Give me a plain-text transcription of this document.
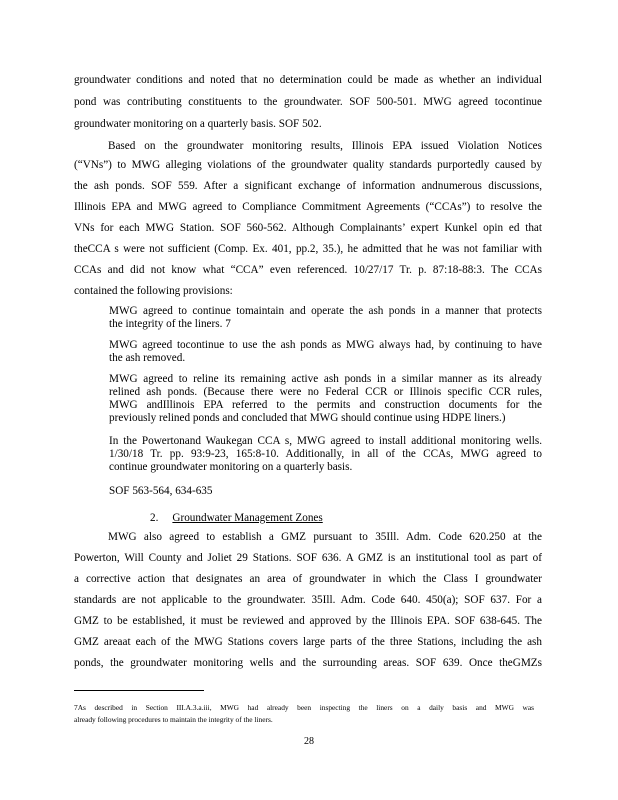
groundwater conditions and noted that no determination could be made as whether an individual
pond was contributing constituents to the groundwater. SOF 500-501. MWG agreed tocontinue
groundwater monitoring on a quarterly basis. SOF 502.
Based on the groundwater monitoring results, Illinois EPA issued Violation Notices
(“VNs”) to MWG alleging violations of the groundwater quality standards purportedly caused by
the ash ponds. SOF 559. After a significant exchange of information andnumerous discussions,
Illinois EPA and MWG agreed to Compliance Commitment Agreements (“CCAs”) to resolve the
VNs for each MWG Station. SOF 560-562. Although Complainants’ expert Kunkel opin ed that
theCCA s were not sufficient (Comp. Ex. 401, pp.2, 35.), he admitted that he was not familiar with
CCAs and did not know what “CCA” even referenced. 10/27/17 Tr. p. 87:18-88:3. The CCAs
contained the following provisions:
MWG agreed to continue tomaintain and operate the ash ponds in a manner that protects
the integrity of the liners. 7
MWG agreed tocontinue to use the ash ponds as MWG always had, by continuing to have
the ash removed.
MWG agreed to reline its remaining active ash ponds in a similar manner as its already
relined ash ponds. (Because there were no Federal CCR or Illinois specific CCR rules,
MWG andIllinois EPA referred to the permits and construction documents for the
previously relined ponds and concluded that MWG should continue using HDPE liners.)
In the Powertonand Waukegan CCA s, MWG agreed to install additional monitoring wells.
1/30/18 Tr. pp. 93:9-23, 165:8-10. Additionally, in all of the CCAs, MWG agreed to
continue groundwater monitoring on a quarterly basis.
SOF 563-564, 634-635
2. Groundwater Management Zones
MWG also agreed to establish a GMZ pursuant to 35Ill. Adm. Code 620.250 at the
Powerton, Will County and Joliet 29 Stations. SOF 636. A GMZ is an institutional tool as part of
a corrective action that designates an area of groundwater in which the Class I groundwater
standards are not applicable to the groundwater. 35Ill. Adm. Code 640. 450(a); SOF 637. For a
GMZ to be established, it must be reviewed and approved by the Illinois EPA. SOF 638-645. The
GMZ areaat each of the MWG Stations covers large parts of the three Stations, including the ash
ponds, the groundwater monitoring wells and the surrounding areas. SOF 639. Once theGMZs
7As described in Section III.A.3.a.iii, MWG had already been inspecting the liners on a daily basis and MWG was
already following procedures to maintain the integrity of the liners.
28
